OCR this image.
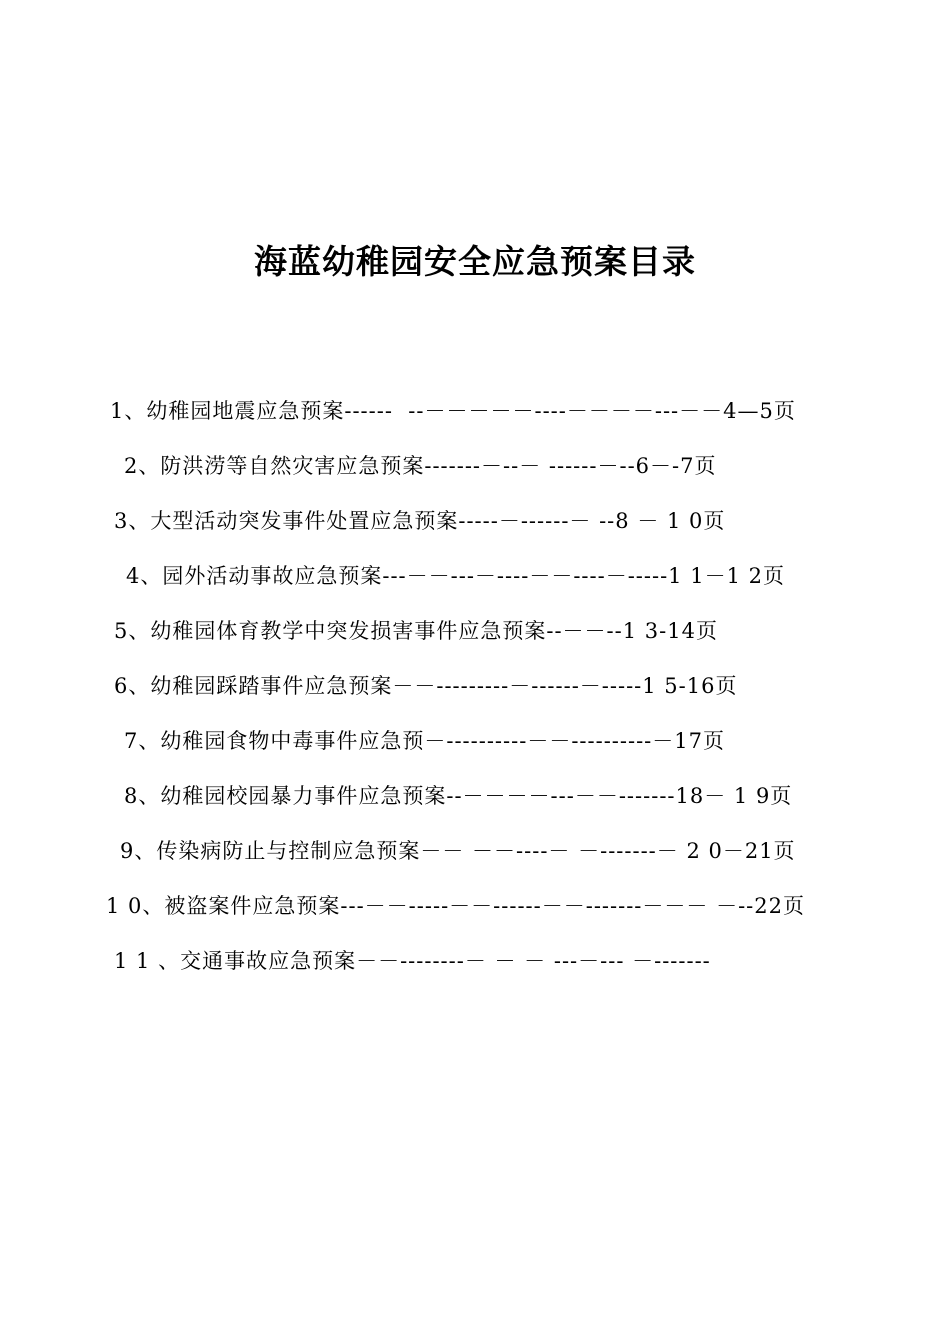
海蓝幼稚园安全应急预案目录
1、幼稚园地震应急预案------  --－－－－－----－－－－---－－4—5页
2、防洪涝等自然灾害应急预案-------－--－ ------－--6－-7页
3、大型活动突发事件处置应急预案-----－------－ --8 － 1 0页
4、园外活动事故应急预案---－－---－----－－----－-----1 1－1 2页
5、幼稚园体育教学中突发损害事件应急预案--－－--1 3-14页
6、幼稚园踩踏事件应急预案－－---------－------－-----1 5-16页
7、幼稚园食物中毒事件应急预－----------－－----------－17页
8、幼稚园校园暴力事件应急预案--－－－－---－－-------18－ 1 9页
9、传染病防止与控制应急预案－－ －－----－ －-------－ 2 0－21页
1 0、被盗案件应急预案---－－-----－－------－－-------－－－ －--22页
1 1 、交通事故应急预案－－--------－ － － ---－--- －-------
